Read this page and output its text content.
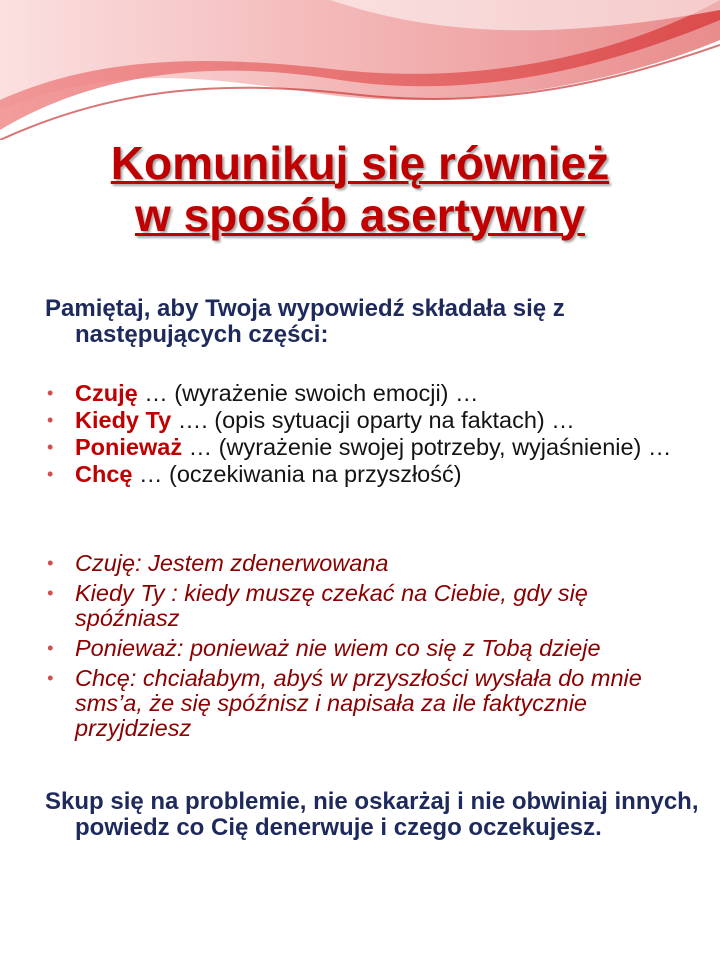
Komunikuj się również
w sposób asertywny

Pamiętaj, aby Twoja wypowiedź składała się z następujących części:

• Czuję … (wyrażenie swoich emocji) …
• Kiedy Ty …. (opis sytuacji oparty na faktach) …
• Ponieważ … (wyrażenie swojej potrzeby, wyjaśnienie) …
• Chcę … (oczekiwania na przyszłość)
• Czuję: Jestem zdenerwowana
• Kiedy Ty : kiedy muszę czekać na Ciebie, gdy się spóźniasz
• Ponieważ: ponieważ nie wiem co się z Tobą dzieje
• Chcę: chciałabym, abyś w przyszłości wysłała do mnie sms’a, że się spóźnisz i napisała za ile faktycznie przyjdziesz

Skup się na problemie, nie oskarżaj i nie obwiniaj innych, powiedz co Cię denerwuje i czego oczekujesz.
